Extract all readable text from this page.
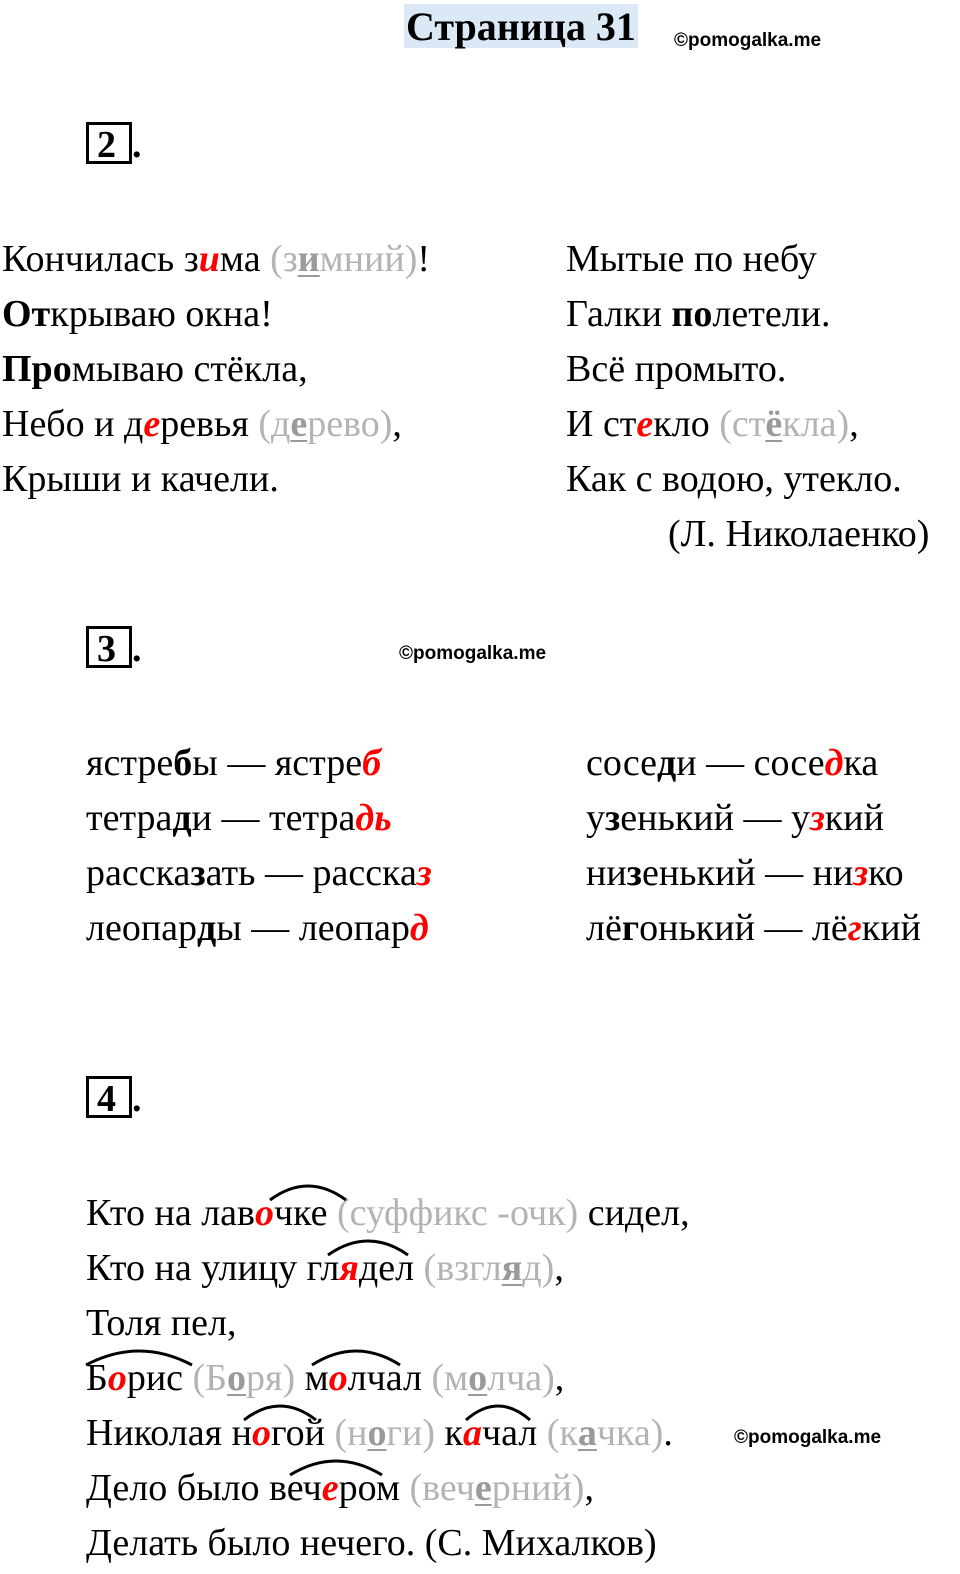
Страница 31 ©pomogalka.me
2 .
Кончилась зима (зимний)!
Открываю окна!
Промываю стёкла,
Небо и деревья (дерево),
Крыши и качели.
Мытые по небу
Галки полетели.
Всё промыто.
И стекло (стёкла),
Как с водою, утекло.
(Л. Николаенко)
3 .	©pomogalka.me
ястребы — ястреб
тетради — тетрадь
рассказать — рассказ
леопарды — леопард
соседи — соседка
узенький — узкий
низенький — низко
лёгонький — лёгкий
4 .
Кто на лавочке (суффикс -очк) сидел,
Кто на улицу глядел (взгляд),
Толя пел,
Борис (Боря) молчал (молча),
Николая ногой (ноги) качал (качка).
Дело было вечером (вечерний),
Делать было нечего. (С. Михалков)
©pomogalka.me
